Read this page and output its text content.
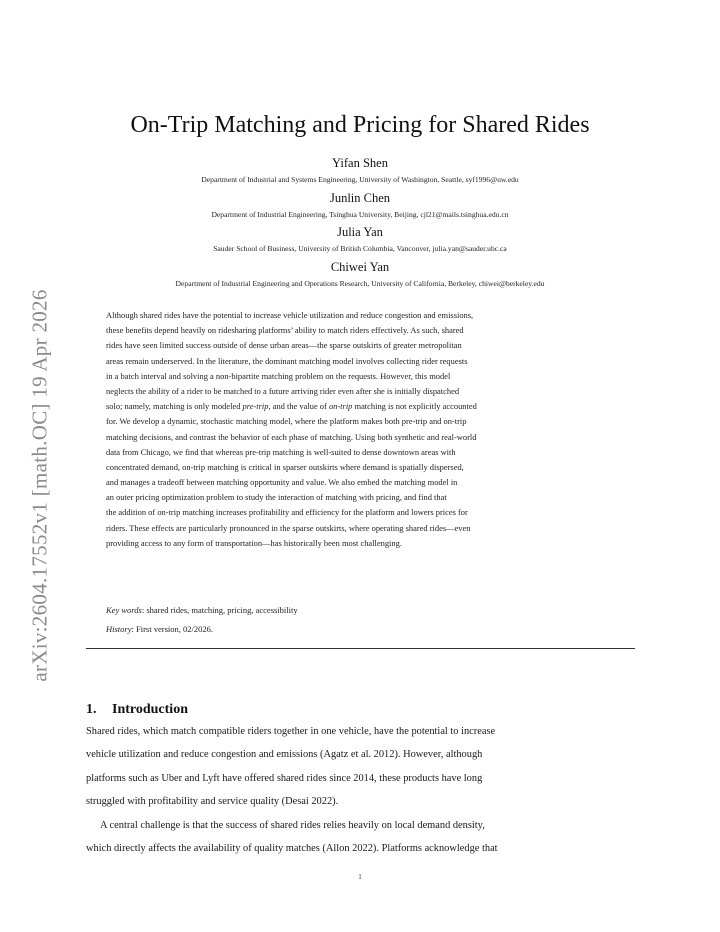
arXiv:2604.17552v1 [math.OC] 19 Apr 2026
On-Trip Matching and Pricing for Shared Rides
Yifan Shen
Department of Industrial and Systems Engineering, University of Washington, Seattle, syf1996@uw.edu
Junlin Chen
Department of Industrial Engineering, Tsinghua University, Beijing, cjl21@mails.tsinghua.edu.cn
Julia Yan
Sauder School of Business, University of British Columbia, Vancouver, julia.yan@sauder.ubc.ca
Chiwei Yan
Department of Industrial Engineering and Operations Research, University of California, Berkeley, chiwei@berkeley.edu
Although shared rides have the potential to increase vehicle utilization and reduce congestion and emissions,
these benefits depend heavily on ridesharing platforms’ ability to match riders effectively. As such, shared
rides have seen limited success outside of dense urban areas—the sparse outskirts of greater metropolitan
areas remain underserved. In the literature, the dominant matching model involves collecting rider requests
in a batch interval and solving a non-bipartite matching problem on the requests. However, this model
neglects the ability of a rider to be matched to a future arriving rider even after she is initially dispatched
solo; namely, matching is only modeled pre-trip, and the value of on-trip matching is not explicitly accounted
for. We develop a dynamic, stochastic matching model, where the platform makes both pre-trip and on-trip
matching decisions, and contrast the behavior of each phase of matching. Using both synthetic and real-world
data from Chicago, we find that whereas pre-trip matching is well-suited to dense downtown areas with
concentrated demand, on-trip matching is critical in sparser outskirts where demand is spatially dispersed,
and manages a tradeoff between matching opportunity and value. We also embed the matching model in
an outer pricing optimization problem to study the interaction of matching with pricing, and find that
the addition of on-trip matching increases profitability and efficiency for the platform and lowers prices for
riders. These effects are particularly pronounced in the sparse outskirts, where operating shared rides—even
providing access to any form of transportation—has historically been most challenging.
Key words: shared rides, matching, pricing, accessibility
History: First version, 02/2026.
1. Introduction
Shared rides, which match compatible riders together in one vehicle, have the potential to increase
vehicle utilization and reduce congestion and emissions (Agatz et al. 2012). However, although
platforms such as Uber and Lyft have offered shared rides since 2014, these products have long
struggled with profitability and service quality (Desai 2022).
A central challenge is that the success of shared rides relies heavily on local demand density,
which directly affects the availability of quality matches (Allon 2022). Platforms acknowledge that
1
